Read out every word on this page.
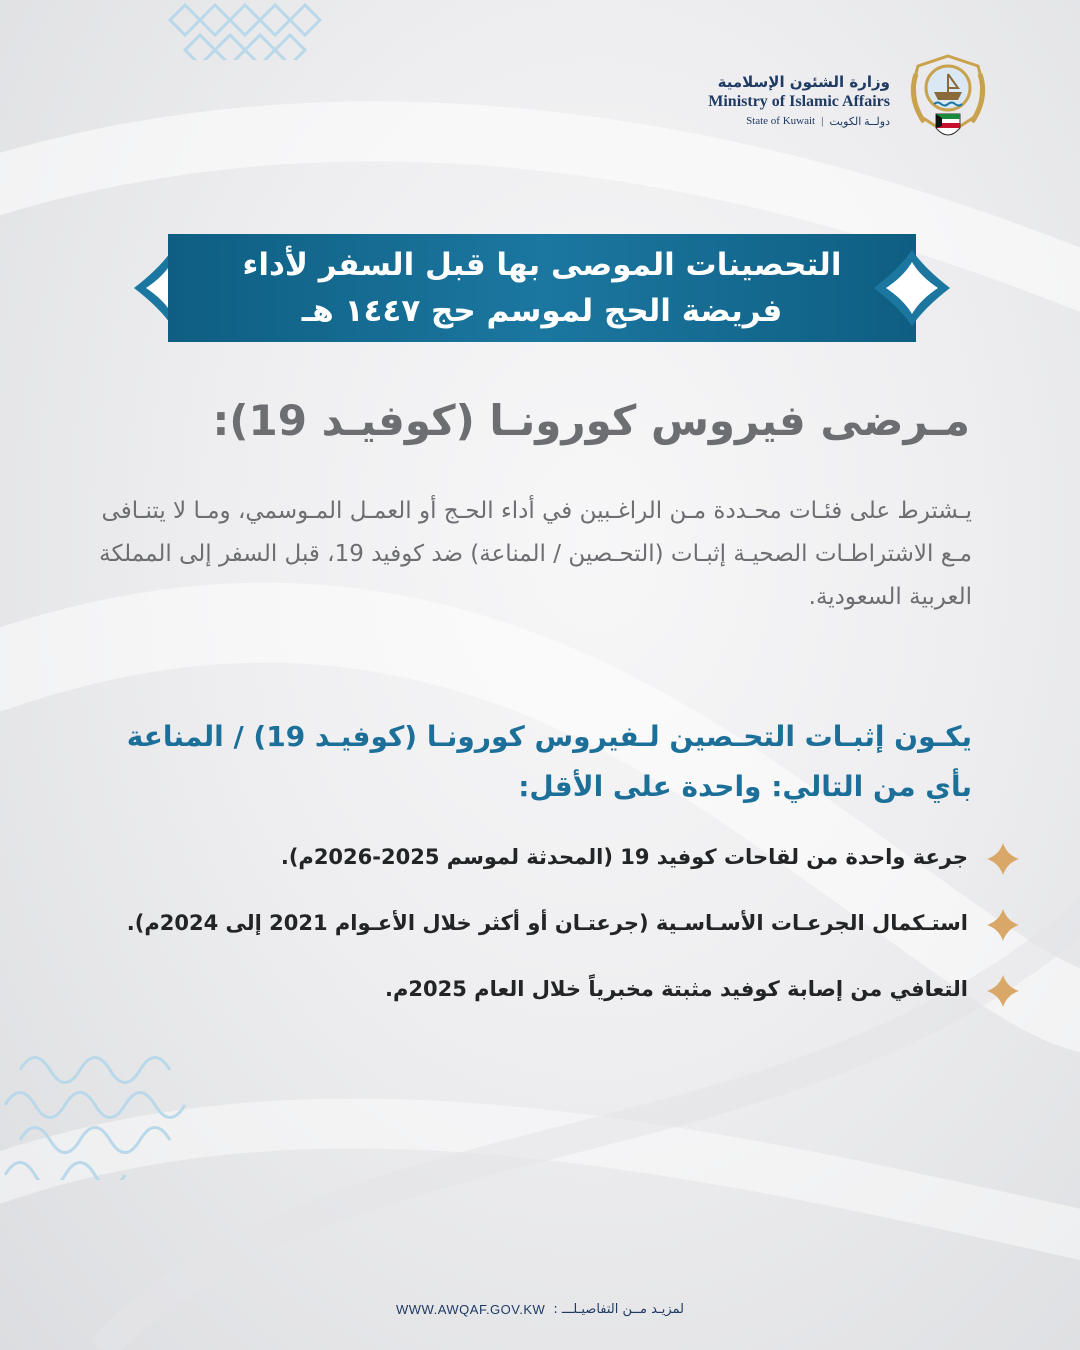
وزارة الشئون الإسلامية
Ministry of Islamic Affairs
State of Kuwait | دولــة الكويت
التحصينات الموصى بها قبل السفر لأداء
فريضة الحج لموسم حج ١٤٤٧ هـ
مـرضى فيروس كورونـا (كوفيـد 19):
يـشترط على فئـات محـددة مـن الراغـبين في أداء الحـج أو العمـل المـوسمي، ومـا لا يتنـافى مـع الاشتراطـات الصحيـة إثبـات (التحـصين / المناعة) ضد كوفيد 19، قبل السفر إلى المملكة العربية السعودية.
يكـون إثبـات التحـصين لـفيروس كورونـا (كوفيـد 19) / المناعة بأي من التالي: واحدة على الأقل:
جرعة واحدة من لقاحات كوفيد 19 (المحدثة لموسم 2025-2026م).
استـكمال الجرعـات الأسـاسـية (جرعتـان أو أكثر خلال الأعـوام 2021 إلى 2024م).
التعافي من إصابة كوفيد مثبتة مخبرياً خلال العام 2025م.
WWW.AWQAF.GOV.KW لمزيـد مــن التفاصيـلـــ :
